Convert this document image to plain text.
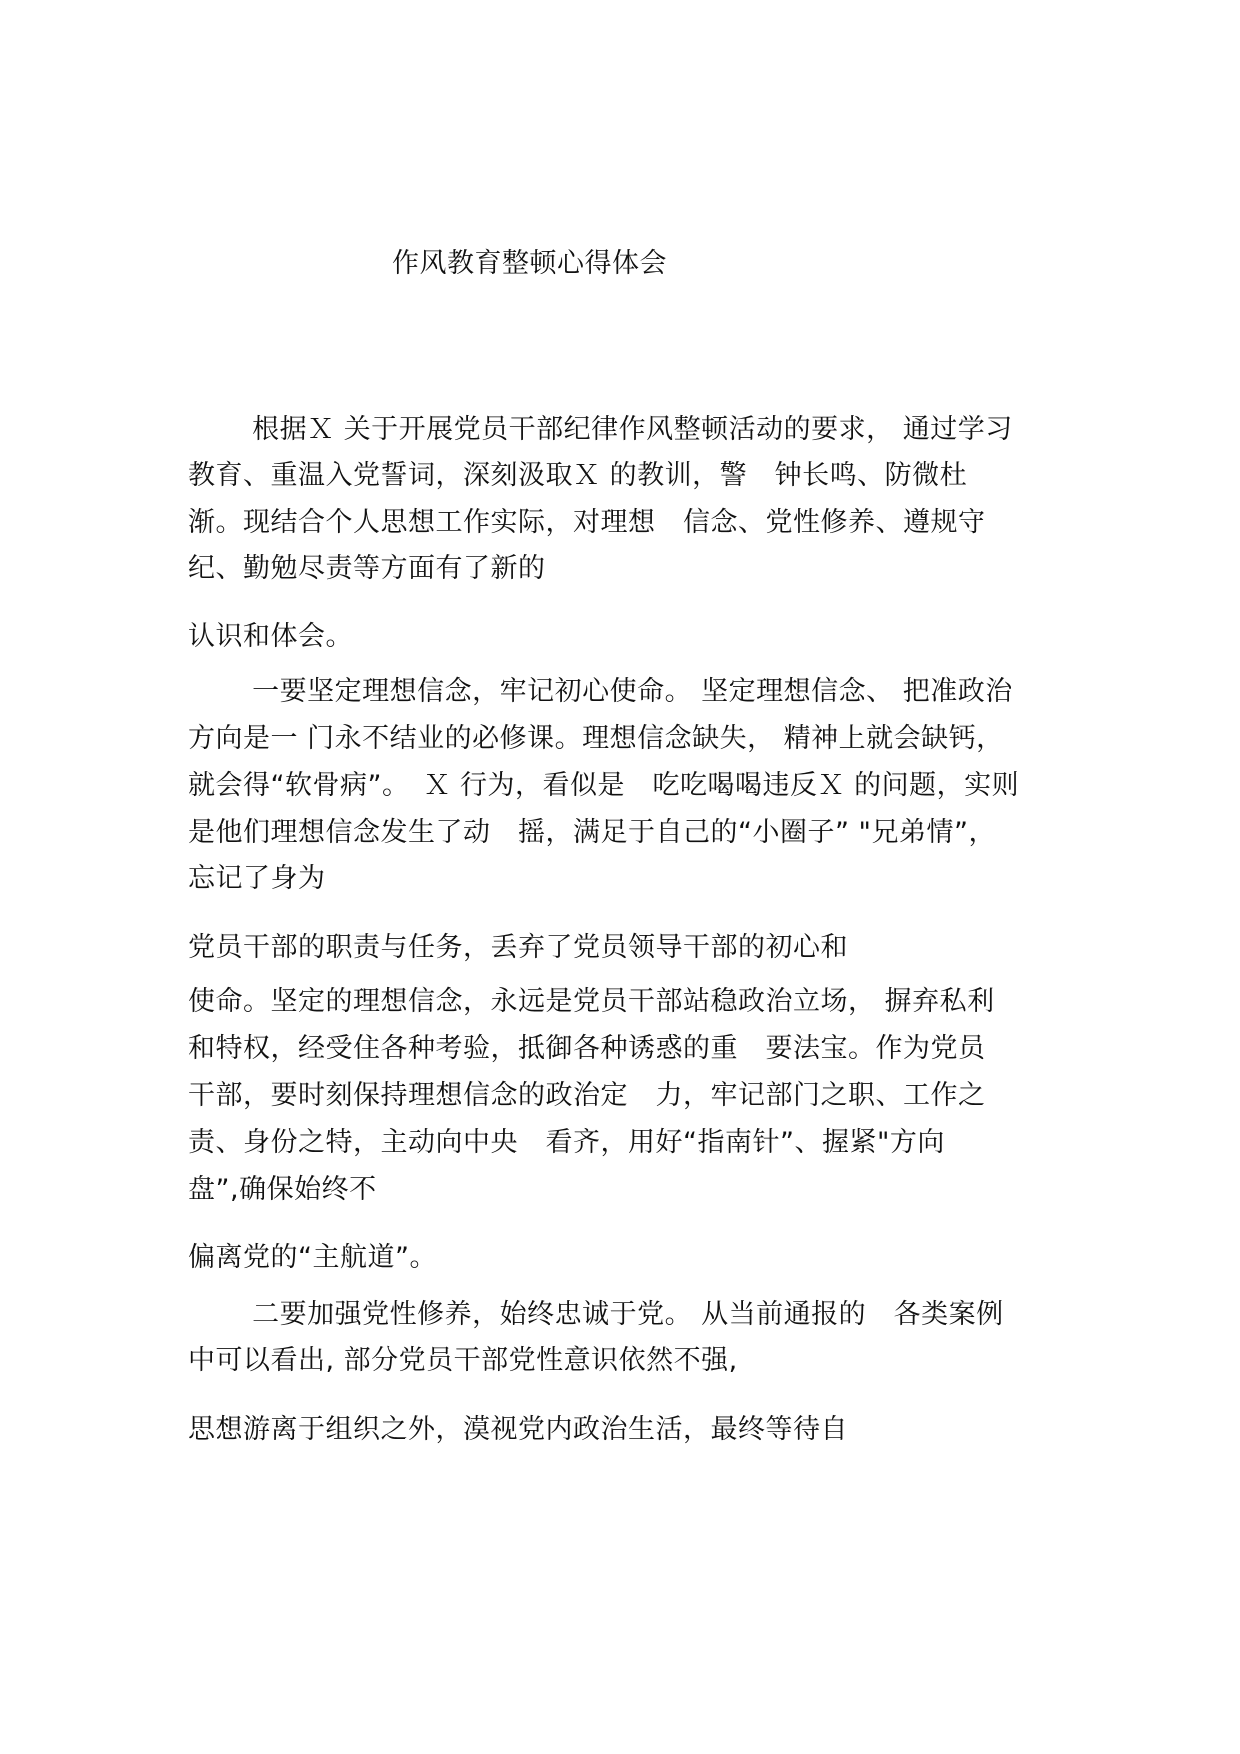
作风教育整顿心得体会

　　 根据Ｘ 关于开展党员干部纪律作风整顿活动的要求， 通过学习

教育、重温入党誓词，深刻汲取Ｘ 的教训，警　钟长鸣、防微杜

渐。现结合个人思想工作实际，对理想　信念、党性修养、遵规守

纪、勤勉尽责等方面有了新的

认识和体会。

　　 一要坚定理想信念，牢记初心使命。 坚定理想信念、 把准政治

方向是一 门永不结业的必修课。理想信念缺失， 精神上就会缺钙，

就会得“软骨病”。　Ｘ 行为，看似是　吃吃喝喝违反Ｘ 的问题，实则

是他们理想信念发生了动　摇，满足于自己的“小圈子” "兄弟情”，

忘记了身为

党员干部的职责与任务，丢弃了党员领导干部的初心和

使命。坚定的理想信念，永远是党员干部站稳政治立场， 摒弃私利

和特权，经受住各种考验，抵御各种诱惑的重　要法宝。作为党员

干部，要时刻保持理想信念的政治定　力，牢记部门之职、工作之

责、身份之特，主动向中央　看齐，用好“指南针”、握紧"方向

盘”,确保始终不

偏离党的“主航道”。

　　 二要加强党性修养，始终忠诚于党。 从当前通报的　各类案例

中可以看出, 部分党员干部党性意识依然不强,

思想游离于组织之外，漠视党内政治生活，最终等待自
